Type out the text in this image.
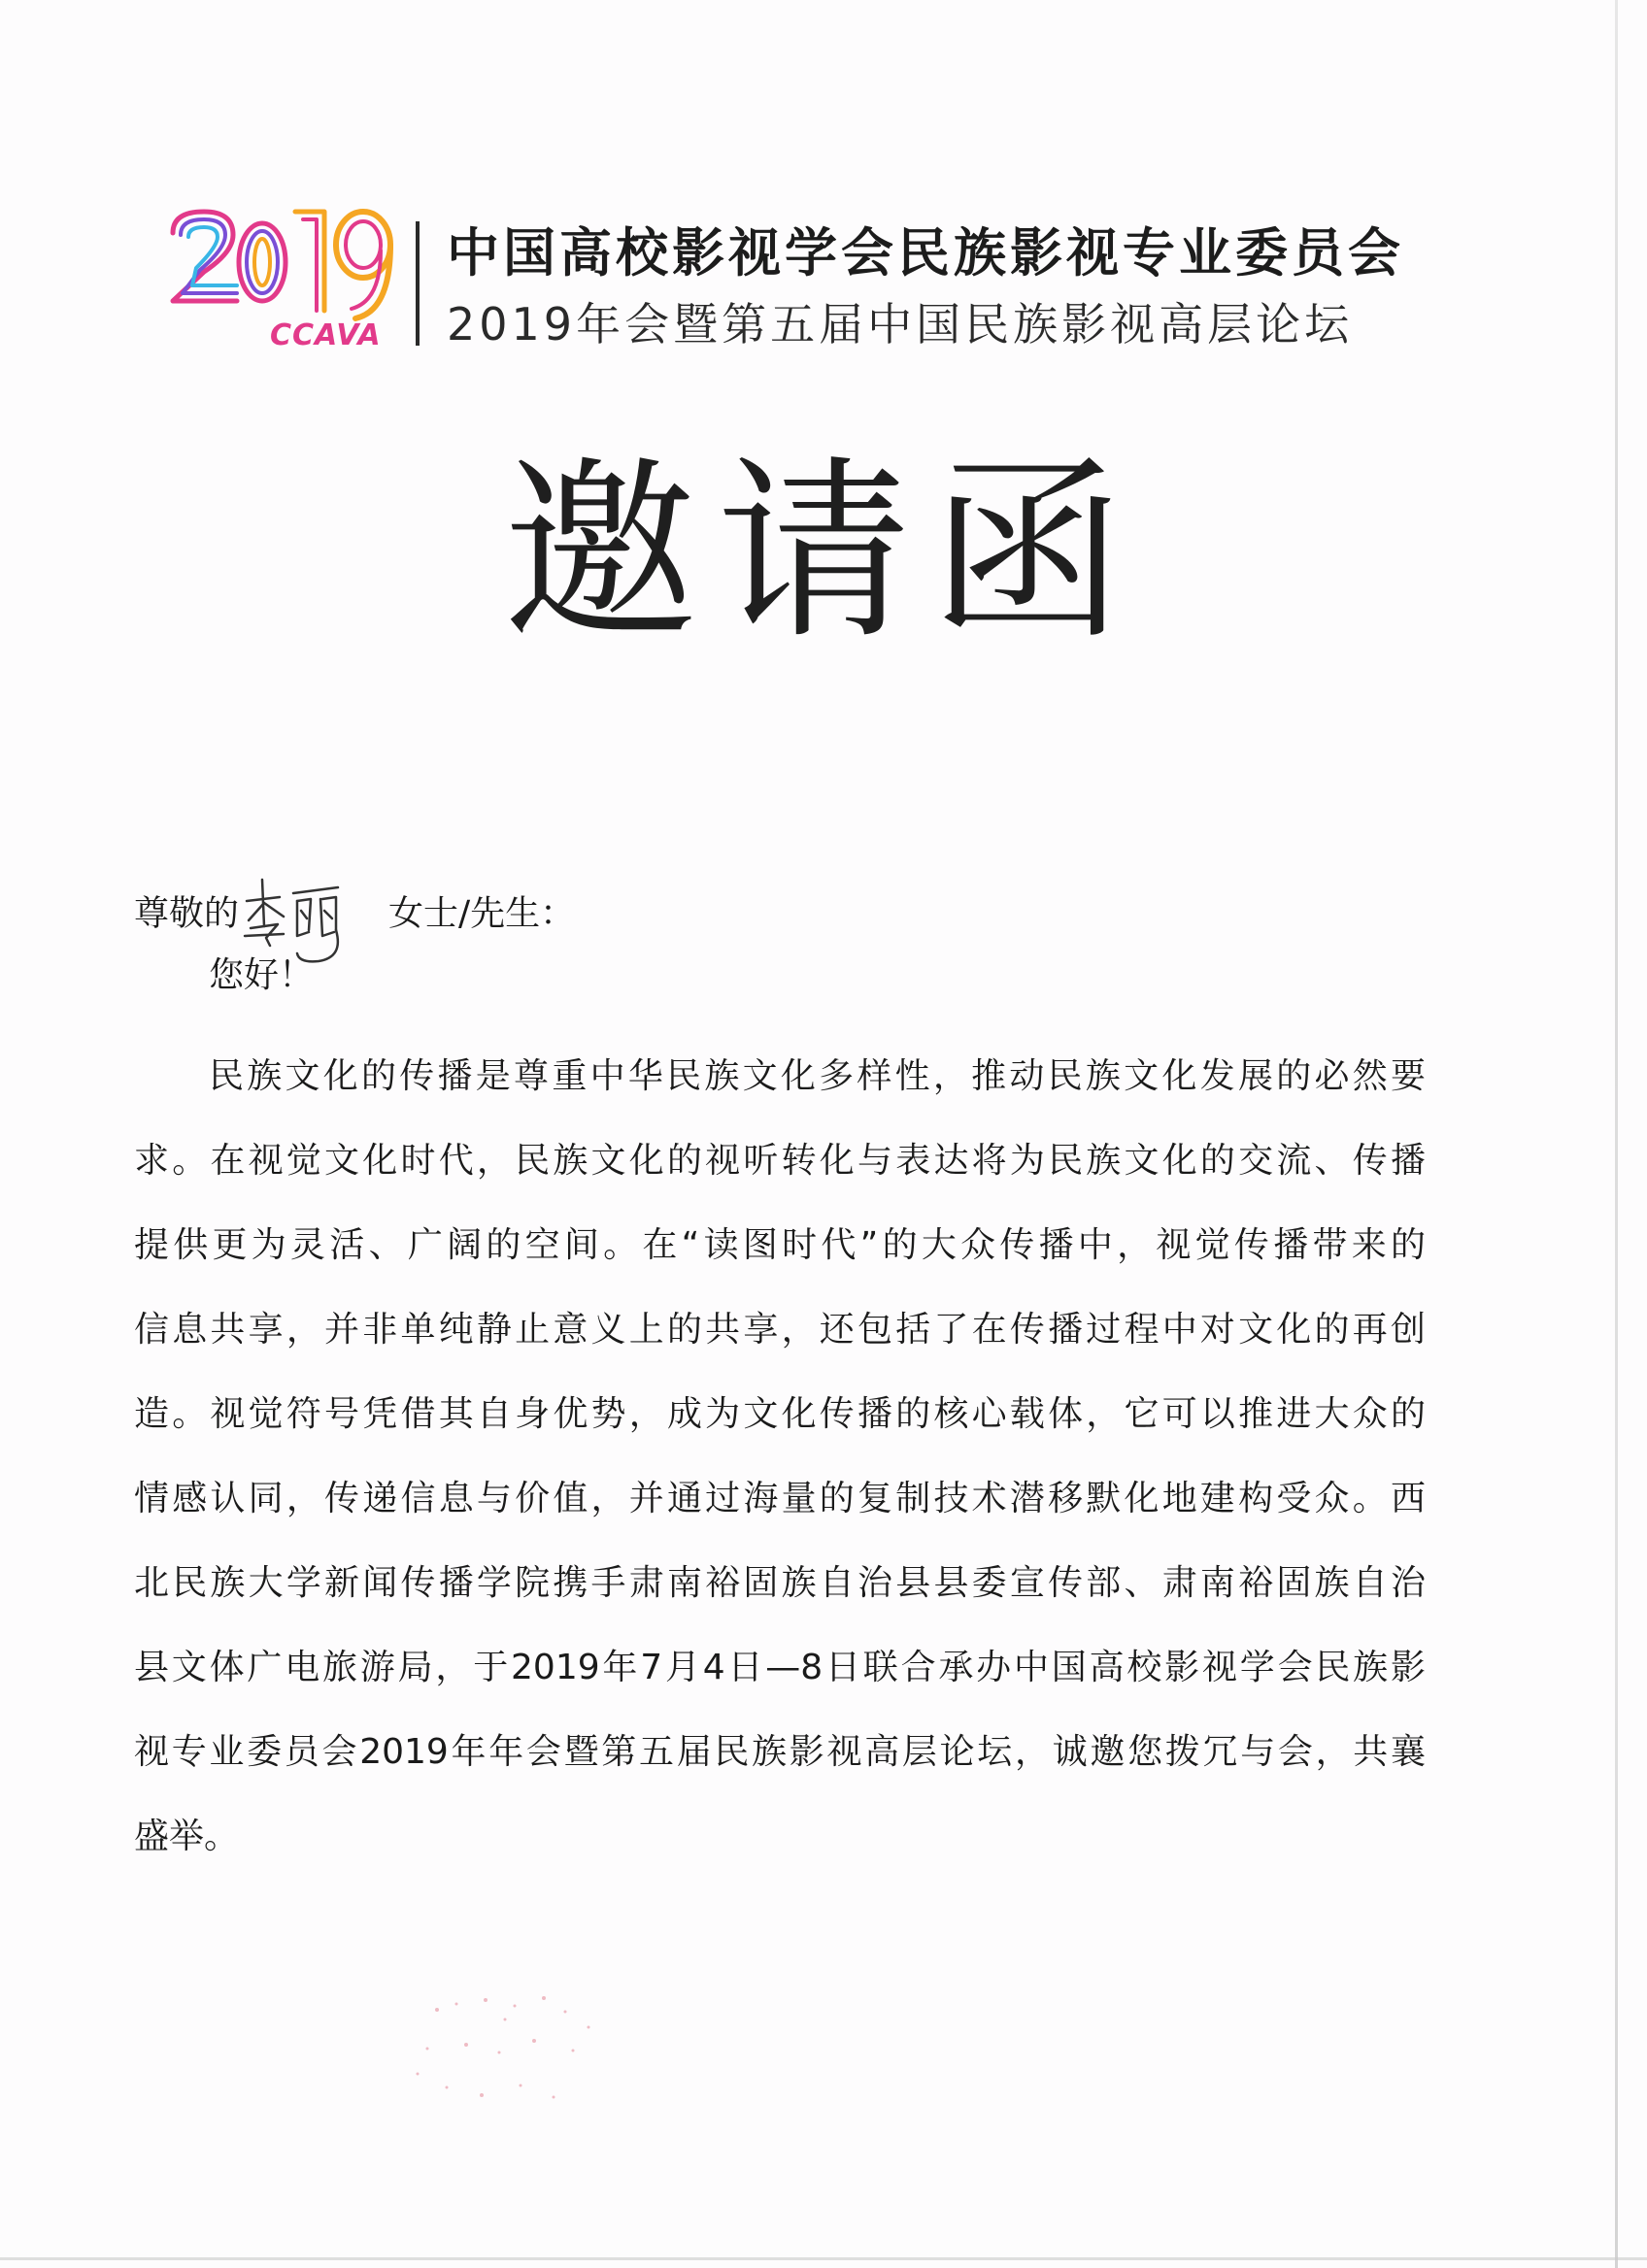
CCAVA
中国高校影视学会民族影视专业委员会
2019年会暨第五届中国民族影视高层论坛
邀请函
尊敬的	女士/先生：
您好！
民族文化的传播是尊重中华民族文化多样性，推动民族文化发展的必然要
求。在视觉文化时代，民族文化的视听转化与表达将为民族文化的交流、传播
提供更为灵活、广阔的空间。在“读图时代”的大众传播中，视觉传播带来的
信息共享，并非单纯静止意义上的共享，还包括了在传播过程中对文化的再创
造。视觉符号凭借其自身优势，成为文化传播的核心载体，它可以推进大众的
情感认同，传递信息与价值，并通过海量的复制技术潜移默化地建构受众。西
北民族大学新闻传播学院携手肃南裕固族自治县县委宣传部、肃南裕固族自治
县文体广电旅游局，于2019年7月4日—8日联合承办中国高校影视学会民族影
视专业委员会2019年年会暨第五届民族影视高层论坛，诚邀您拨冗与会，共襄
盛举。
